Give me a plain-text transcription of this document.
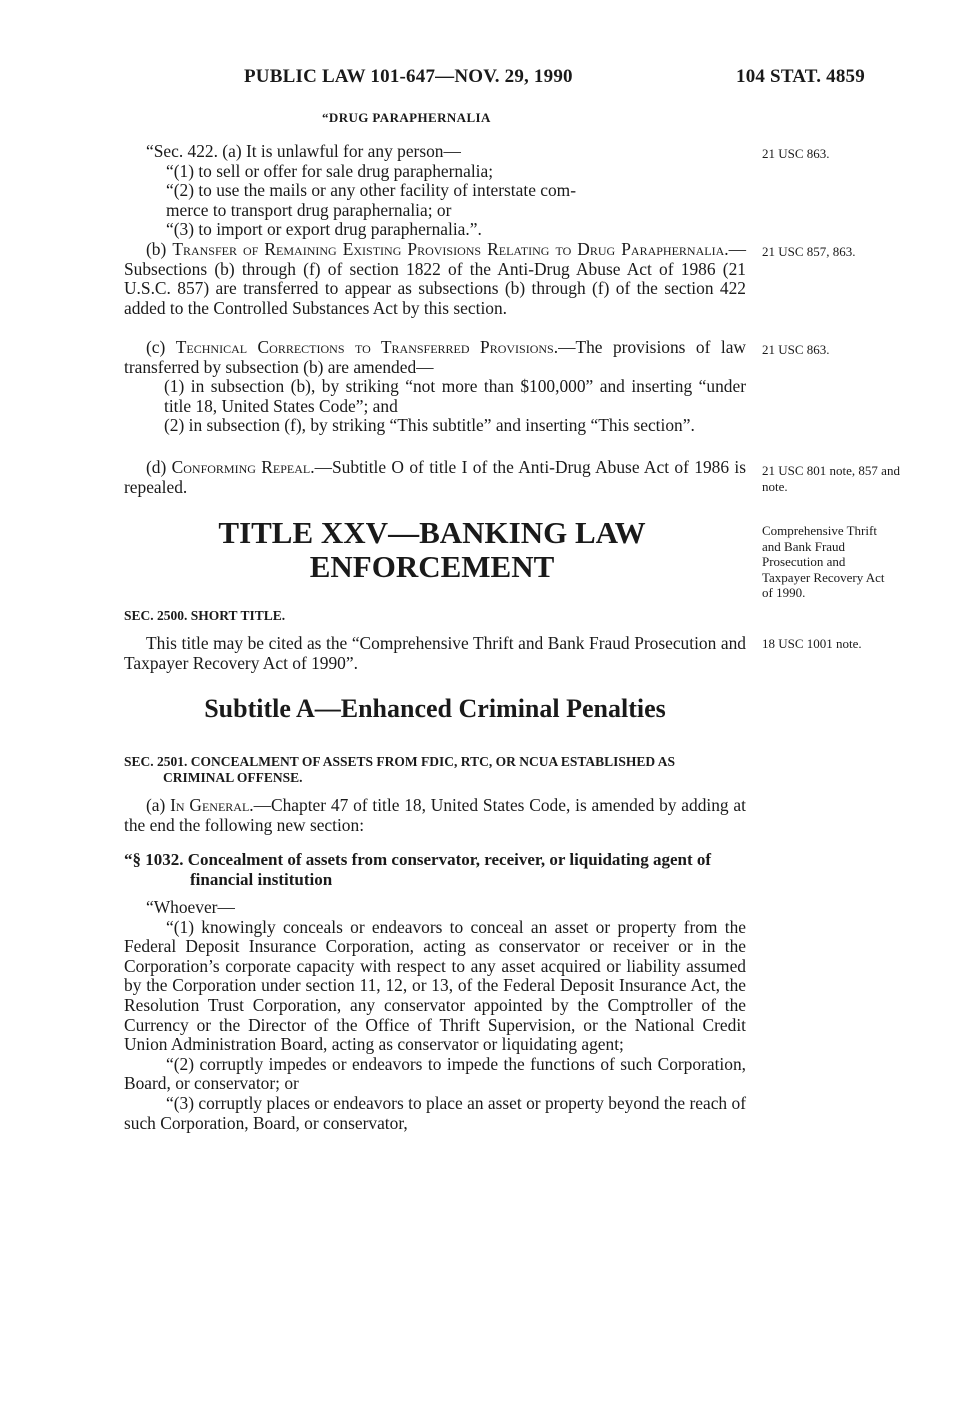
PUBLIC LAW 101-647—NOV. 29, 1990	104 STAT. 4859
“DRUG PARAPHERNALIA

“Sec. 422. (a) It is unlawful for any person—

“(1) to sell or offer for sale drug paraphernalia;

“(2) to use the mails or any other facility of interstate com-

merce to transport drug paraphernalia; or

“(3) to import or export drug paraphernalia.”.

(b) Transfer of Remaining Existing Provisions Relating to Drug Paraphernalia.—Subsections (b) through (f) of section 1822 of the Anti-Drug Abuse Act of 1986 (21 U.S.C. 857) are transferred to appear as subsections (b) through (f) of the section 422 added to the Controlled Substances Act by this section.

(c) Technical Corrections to Transferred Provisions.—The provisions of law transferred by subsection (b) are amended—

(1) in subsection (b), by striking “not more than $100,000” and inserting “under title 18, United States Code”; and

(2) in subsection (f), by striking “This subtitle” and inserting “This section”.

(d) Conforming Repeal.—Subtitle O of title I of the Anti-Drug Abuse Act of 1986 is repealed.

21 USC 863.
21 USC 857, 863.
21 USC 863.
21 USC 801 note, 857 and note.
Comprehensive Thrift and Bank Fraud Prosecution and Taxpayer Recovery Act of 1990.
18 USC 1001 note.
TITLE XXV—BANKING LAW
ENFORCEMENT
SEC. 2500. SHORT TITLE.

This title may be cited as the “Comprehensive Thrift and Bank Fraud Prosecution and Taxpayer Recovery Act of 1990”.

Subtitle A—Enhanced Criminal Penalties
SEC. 2501. CONCEALMENT OF ASSETS FROM FDIC, RTC, OR NCUA ESTABLISHED AS CRIMINAL OFFENSE.

(a) In General.—Chapter 47 of title 18, United States Code, is amended by adding at the end the following new section:

“§ 1032. Concealment of assets from conservator, receiver, or liquidating agent of financial institution

“Whoever—

“(1) knowingly conceals or endeavors to conceal an asset or property from the Federal Deposit Insurance Corporation, acting as conservator or receiver or in the Corporation’s corporate capacity with respect to any asset acquired or liability assumed by the Corporation under section 11, 12, or 13, of the Federal Deposit Insurance Act, the Resolution Trust Corporation, any conservator appointed by the Comptroller of the Currency or the Director of the Office of Thrift Supervision, or the National Credit Union Administration Board, acting as conservator or liquidating agent;

“(2) corruptly impedes or endeavors to impede the functions of such Corporation, Board, or conservator; or

“(3) corruptly places or endeavors to place an asset or property beyond the reach of such Corporation, Board, or conservator,
